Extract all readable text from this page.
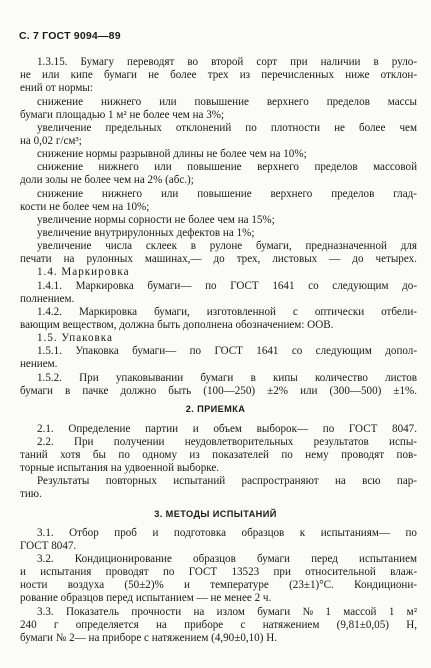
С. 7 ГОСТ 9094—89
1.3.15. Бумагу переводят во второй сорт при наличии в руло-
не или кипе бумаги не более трех из перечисленных ниже отклон-
ений от нормы:
снижение нижнего или повышение верхнего пределов массы
бумаги площадью 1 м² не более чем на 3%;
увеличение предельных отклонений по плотности не более чем
на 0,02 г/см³;
снижение нормы разрывной длины не более чем на 10%;
снижение нижнего или повышение верхнего пределов массовой
доли золы не более чем на 2% (абс.);
снижение нижнего или повышение верхнего пределов глад-
кости не более чем на 10%;
увеличение нормы сорности не более чем на 15%;
увеличение внутрирулонных дефектов на 1%;
увеличение числа склеек в рулоне бумаги, предназначенной для
печати на рулонных машинах,— до трех, листовых — до четырех.
1.4. Маркировка
1.4.1. Маркировка бумаги— по ГОСТ 1641 со следующим до-
полнением.
1.4.2. Маркировка бумаги, изготовленной с оптически отбели-
вающим веществом, должна быть дополнена обозначением: ООВ.
1.5. Упаковка
1.5.1. Упаковка бумаги— по ГОСТ 1641 со следующим допол-
нением.
1.5.2. При упаковывании бумаги в кипы количество листов
бумаги в пачке должно быть (100—250) ±2% или (300—500) ±1%.
2. ПРИЕМКА
2.1. Определение партии и объем выборок— по ГОСТ 8047.
2.2. При получении неудовлетворительных результатов испы-
таний хотя бы по одному из показателей по нему проводят пов-
торные испытания на удвоенной выборке.
Результаты повторных испытаний распространяют на всю пар-
тию.
3. МЕТОДЫ ИСПЫТАНИЙ
3.1. Отбор проб и подготовка образцов к испытаниям— по
ГОСТ 8047.
3.2. Кондиционирование образцов бумаги перед испытанием
и испытания проводят по ГОСТ 13523 при относительной влаж-
ности воздуха (50±2)% и температуре (23±1)°С. Кондициони-
рование образцов перед испытанием — не менее 2 ч.
3.3. Показатель прочности на излом бумаги № 1 массой 1 м²
240 г определяется на приборе с натяжением (9,81±0,05) Н,
бумаги № 2— на приборе с натяжением (4,90±0,10) Н.
